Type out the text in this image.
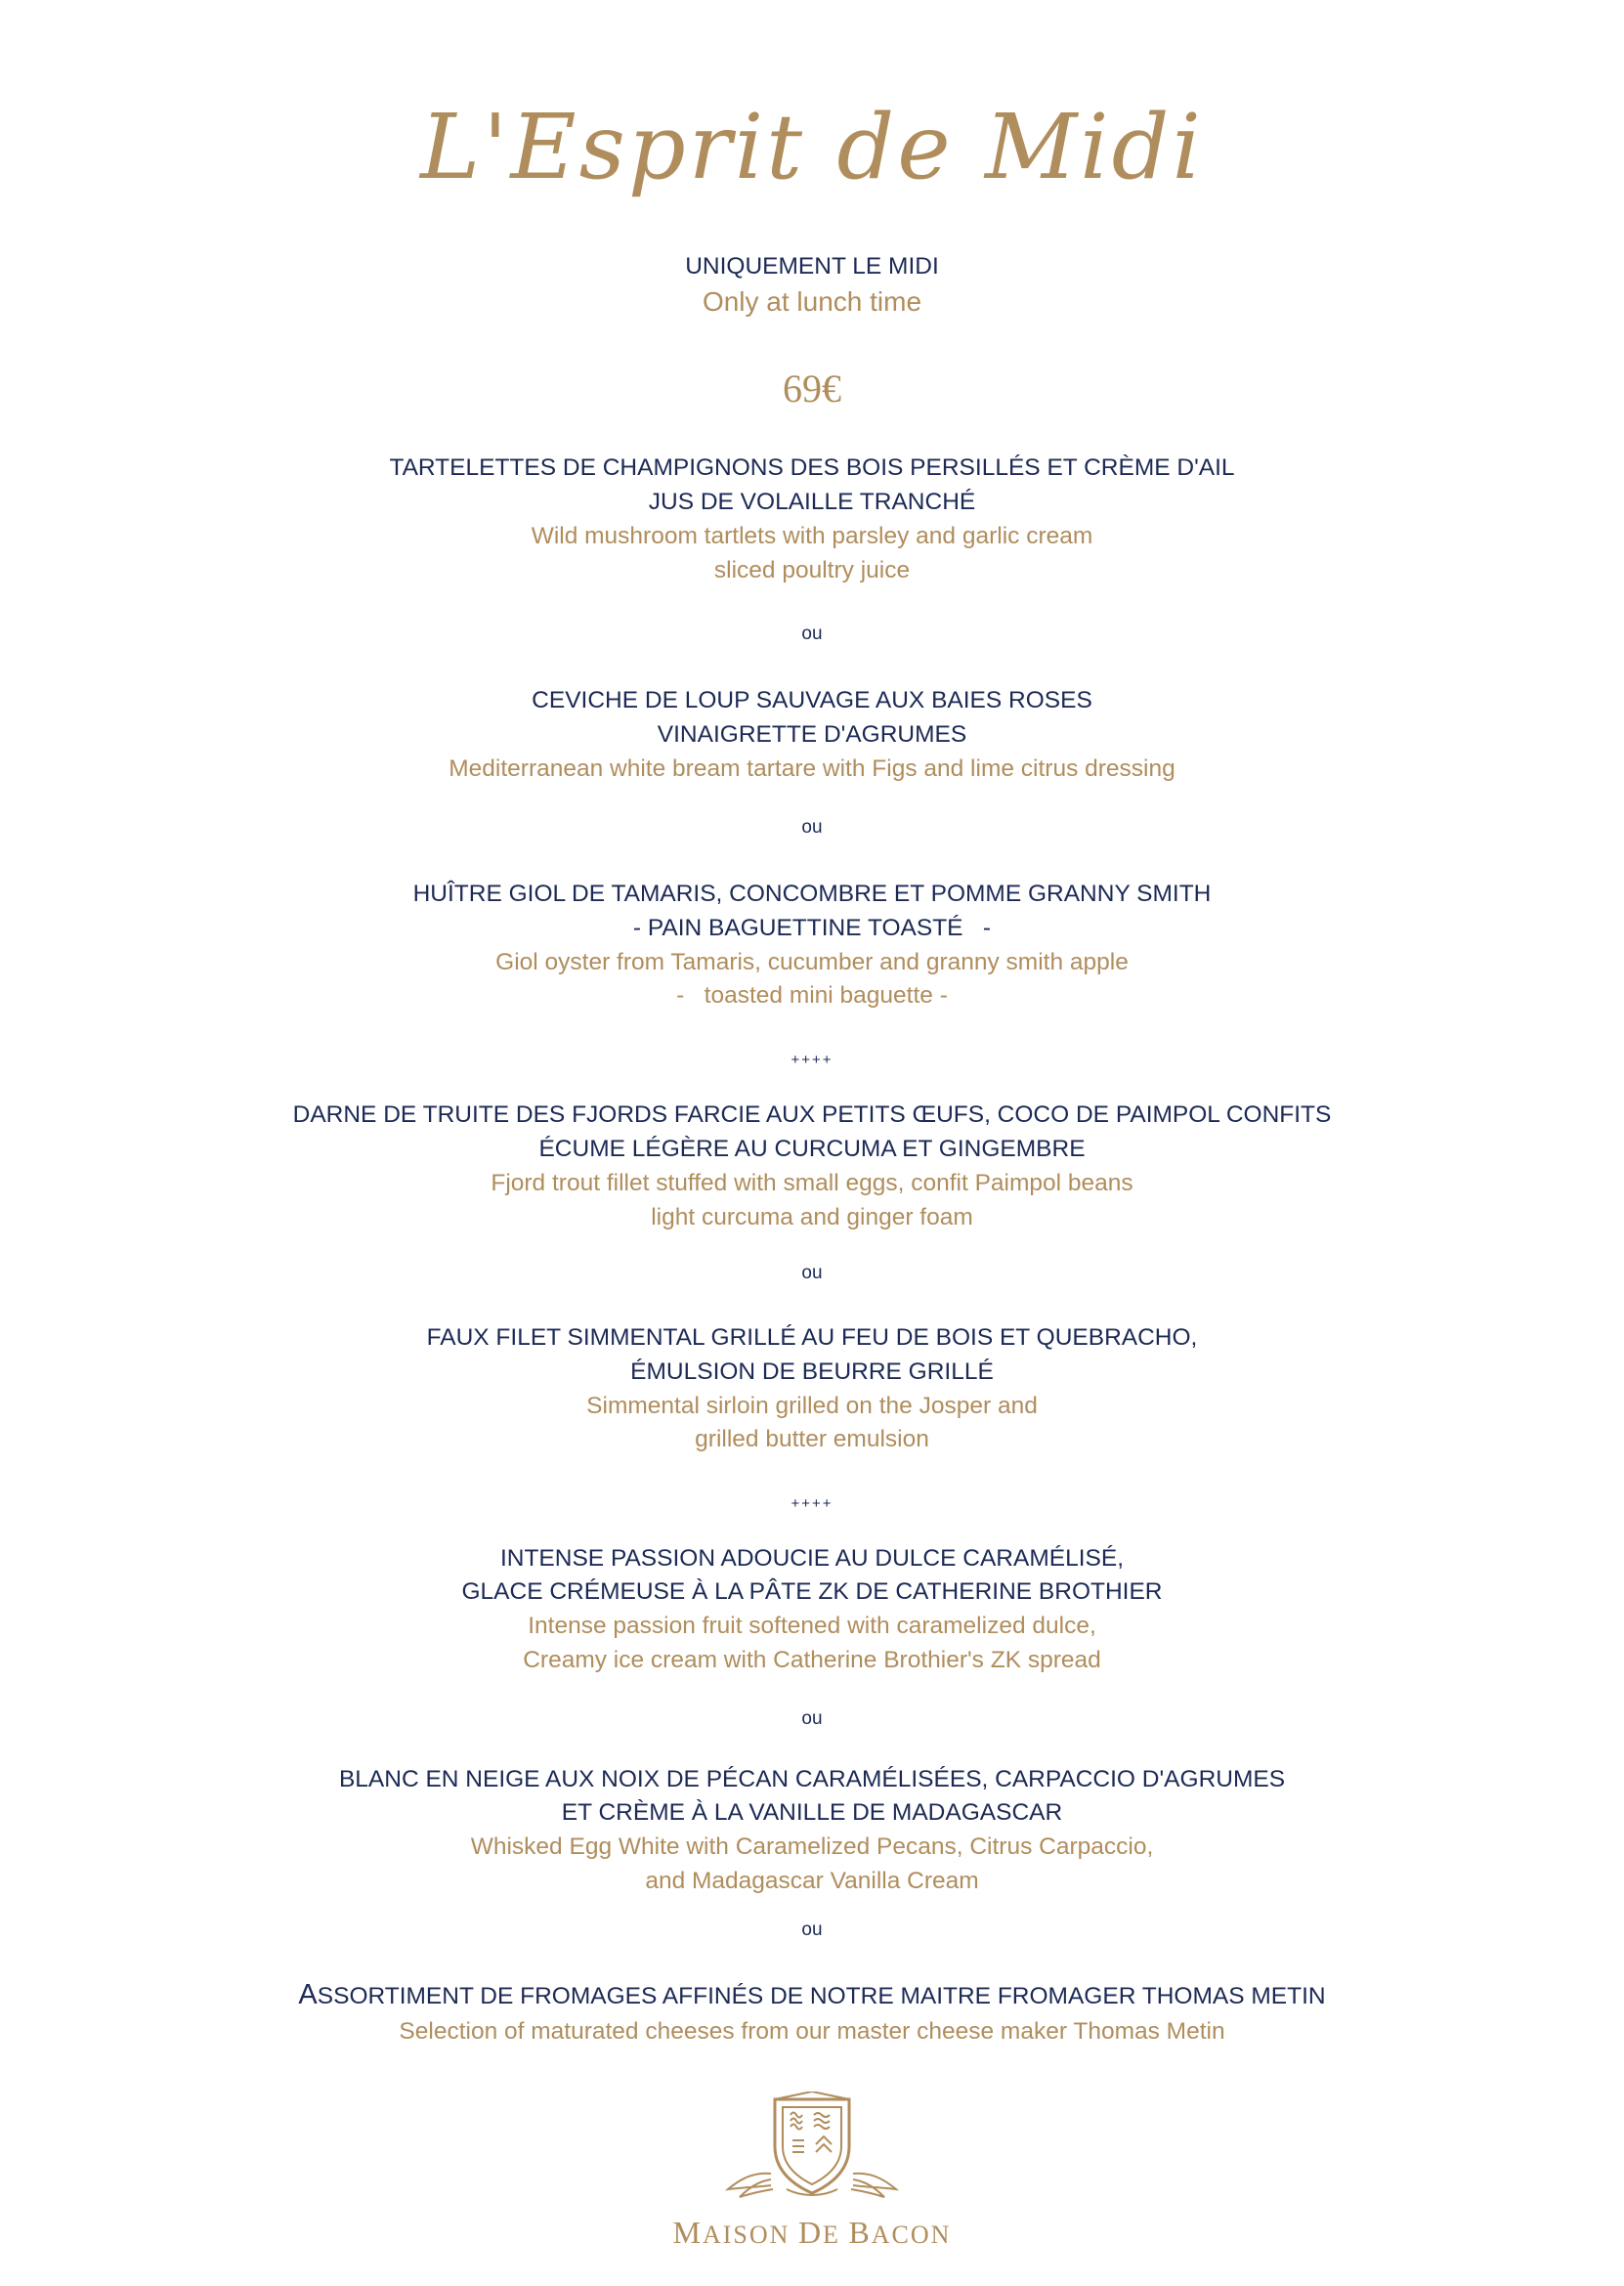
L'Esprit de Midi
UNIQUEMENT LE MIDI
Only at lunch time
69€
TARTELETTES DE CHAMPIGNONS DES BOIS PERSILLÉS ET CRÈME D'AIL
JUS DE VOLAILLE TRANCHÉ
Wild mushroom tartlets with parsley and garlic cream
sliced poultry juice
ou
CEVICHE DE LOUP SAUVAGE AUX BAIES ROSES
VINAIGRETTE D'AGRUMES
Mediterranean white bream tartare with Figs and lime citrus dressing
ou
HUÎTRE GIOL DE TAMARIS, CONCOMBRE ET POMME GRANNY SMITH
- PAIN BAGUETTINE TOASTÉ   -
Giol oyster from Tamaris, cucumber and granny smith apple
-   toasted mini baguette -
++++
DARNE DE TRUITE DES FJORDS FARCIE AUX PETITS ŒUFS, COCO DE PAIMPOL CONFITS
ÉCUME LÉGÈRE AU CURCUMA ET GINGEMBRE
Fjord trout fillet stuffed with small eggs, confit Paimpol beans
light curcuma and ginger foam
ou
FAUX FILET SIMMENTAL GRILLÉ AU FEU DE BOIS ET QUEBRACHO,
ÉMULSION DE BEURRE GRILLÉ
Simmental sirloin grilled on the Josper and
grilled butter emulsion
++++
INTENSE PASSION ADOUCIE AU DULCE CARAMÉLISÉ,
GLACE CRÉMEUSE À LA PÂTE ZK DE CATHERINE BROTHIER
Intense passion fruit softened with caramelized dulce,
Creamy ice cream with Catherine Brothier's ZK spread
ou
BLANC EN NEIGE AUX NOIX DE PÉCAN CARAMÉLISÉES, CARPACCIO D'AGRUMES
ET CRÈME À LA VANILLE DE MADAGASCAR
Whisked Egg White with Caramelized Pecans, Citrus Carpaccio,
and Madagascar Vanilla Cream
ou
ASSORTIMENT DE FROMAGES AFFINÉS DE NOTRE MAITRE FROMAGER THOMAS METIN
Selection of maturated cheeses from our master cheese maker Thomas Metin
MAISON DE BACON
